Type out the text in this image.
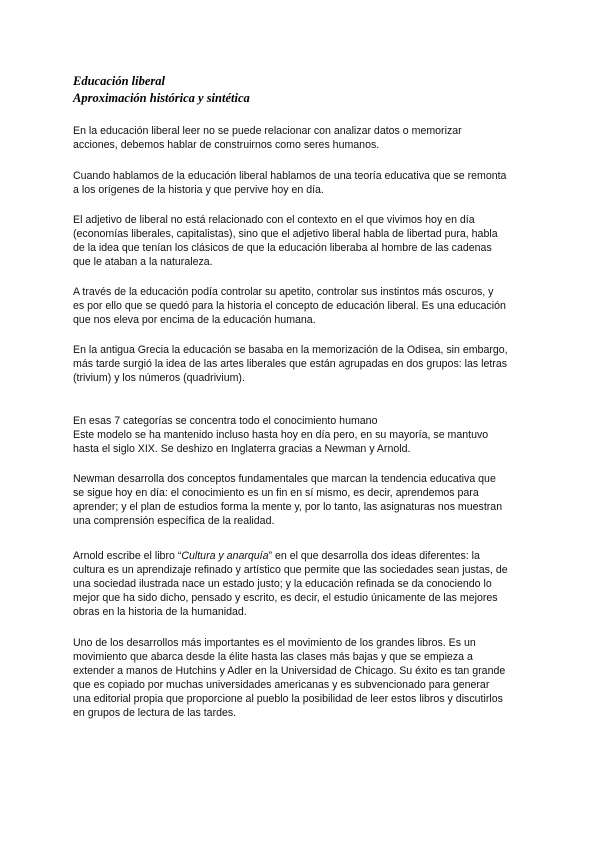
Educación liberal
Aproximación histórica y sintética

En la educación liberal leer no se puede relacionar con analizar datos o memorizar
acciones, debemos hablar de construirnos como seres humanos.

Cuando hablamos de la educación liberal hablamos de una teoría educativa que se remonta
a los orígenes de la historia y que pervive hoy en día.

El adjetivo de liberal no está relacionado con el contexto en el que vivimos hoy en día
(economías liberales, capitalistas), sino que el adjetivo liberal habla de libertad pura, habla
de la idea que tenían los clásicos de que la educación liberaba al hombre de las cadenas
que le ataban a la naturaleza.

A través de la educación podía controlar su apetito, controlar sus instintos más oscuros, y
es por ello que se quedó para la historia el concepto de educación liberal. Es una educación
que nos eleva por encima de la educación humana.

En la antigua Grecia la educación se basaba en la memorización de la Odisea, sin embargo,
más tarde surgió la idea de las artes liberales que están agrupadas en dos grupos: las letras
(trivium) y los números (quadrivium).

En esas 7 categorías se concentra todo el conocimiento humano
Este modelo se ha mantenido incluso hasta hoy en día pero, en su mayoría, se mantuvo
hasta el siglo XIX. Se deshizo en Inglaterra gracias a Newman y Arnold.

Newman desarrolla dos conceptos fundamentales que marcan la tendencia educativa que
se sigue hoy en día: el conocimiento es un fin en sí mismo, es decir, aprendemos para
aprender; y el plan de estudios forma la mente y, por lo tanto, las asignaturas nos muestran
una comprensión específica de la realidad.

Arnold escribe el libro “Cultura y anarquía” en el que desarrolla dos ideas diferentes: la
cultura es un aprendizaje refinado y artístico que permite que las sociedades sean justas, de
una sociedad ilustrada nace un estado justo; y la educación refinada se da conociendo lo
mejor que ha sido dicho, pensado y escrito, es decir, el estudio únicamente de las mejores
obras en la historia de la humanidad.

Uno de los desarrollos más importantes es el movimiento de los grandes libros. Es un
movimiento que abarca desde la élite hasta las clases más bajas y que se empieza a
extender a manos de Hutchins y Adler en la Universidad de Chicago. Su éxito es tan grande
que es copiado por muchas universidades americanas y es subvencionado para generar
una editorial propia que proporcione al pueblo la posibilidad de leer estos libros y discutirlos
en grupos de lectura de las tardes.
